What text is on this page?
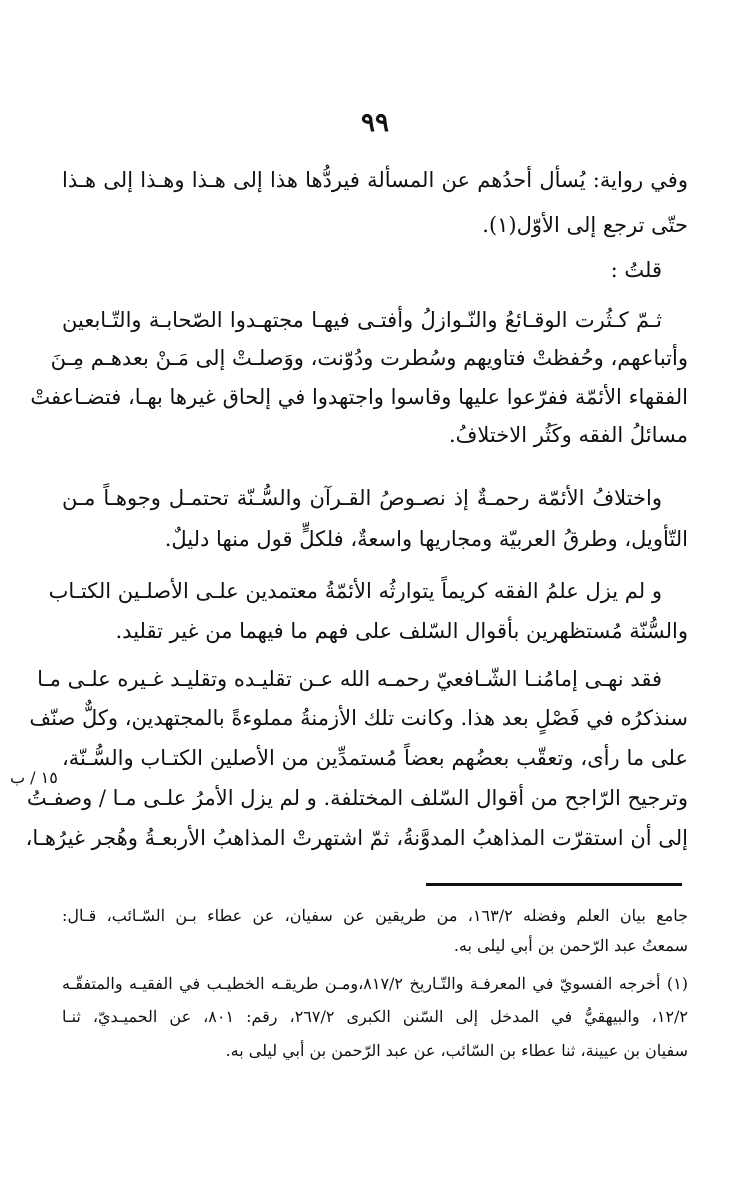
٩٩
وفي رواية: يُسأل أحدُهم عن المسألة فيردُّها هذا إلى هـذا وهـذا إلى هـذا
حتّى ترجع إلى الأوّل(١).
قلتُ :
ثـمّ كـثُرت الوقـائعُ والنّـوازلُ وأفتـى فيهـا مجتهـدوا الصّحابـة والتّـابعين
وأتباعهم، وحُفظتْ فتاويهم وسُطرت ودُوّنت، ووَصلـتْ إلى مَـنْ بعدهـم مِـنَ
الفقهاء الأئمّة ففرّعوا عليها وقاسوا واجتهدوا في إلحاق غيرها بهـا، فتضـاعفتْ
مسائلُ الفقه وكَثُر الاختلافُ.
واختلافُ الأئمّة رحمـةٌ إذ نصـوصُ القـرآن والسُّـنّة تحتمـل وجوهـاً مـن
التّأويل، وطرقُ العربيّة ومجاريها واسعةٌ، فلكلٍّ قول منها دليلٌ.
و لم يزل علمُ الفقه كريماً يتوارثُه الأئمّةُ معتمدين علـى الأصلـين الكتـاب
والسُّنّة مُستظهرين بأقوال السّلف على فهم ما فيهما من غير تقليد.
فقد نهـى إمامُنـا الشّـافعيّ رحمـه الله عـن تقليـده وتقليـد غـيره علـى مـا
سنذكرُه في فَصْلٍ بعد هذا. وكانت تلك الأزمنةُ مملوءةً بالمجتهدين، وكلٌّ صنّف
على ما رأى، وتعقّب بعضُهم بعضاً مُستمدِّين من الأصلين الكتـاب والسُّـنّة،
وترجيح الرّاجح من أقوال السّلف المختلفة. و لم يزل الأمرُ علـى مـا / وصفـتُ
إلى أن استقرّت المذاهبُ المدوَّنةُ، ثمّ اشتهرتْ المذاهبُ الأربعـةُ وهُجر غيرُهـا،
١٥ / ب
جامع بيان العلم وفضله ١٦٣/٢، من طريقين عن سفيان، عن عطاء بـن السّـائب، قـال:
سمعتُ عبد الرّحمن بن أبي ليلى به.
(١) أخرجه الفسويّ في المعرفـة والتّـاريخ ٨١٧/٢،ومـن طريقـه الخطيـب في الفقيـه والمتفقّـه
١٢/٢، والبيهقيُّ في المدخل إلى السّنن الكبرى ٢٦٧/٢، رقم: ٨٠١، عن الحميـديّ، ثنـا
سفيان بن عيينة، ثنا عطاء بن السّائب، عن عبد الرّحمن بن أبي ليلى به.
